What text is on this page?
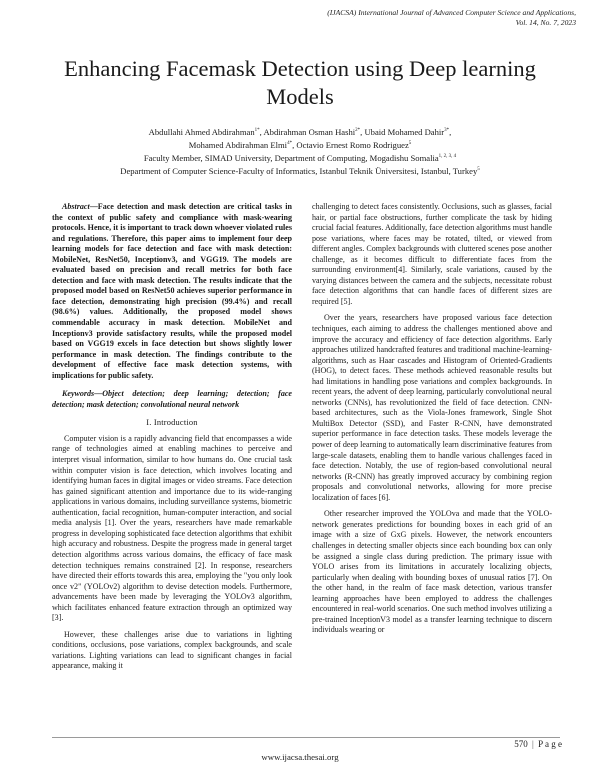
(IJACSA) International Journal of Advanced Computer Science and Applications,
Vol. 14, No. 7, 2023
Enhancing Facemask Detection using Deep learning
Models
Abdullahi Ahmed Abdirahman$^{1*}$, Abdirahman Osman Hashi$^{2*}$, Ubaid Mohamed Dahir$^{3*}$,
Mohamed Abdirahman Elmi$^{4*}$, Octavio Ernest Romo Rodriguez$^5$
Faculty Member, SIMAD University, Department of Computing, Mogadishu Somalia$^{1, 2, 3, 4}$
Department of Computer Science-Faculty of Informatics, Istanbul Teknik Üniversitesi, Istanbul, Turkey$^5$

Abstract—Face detection and mask detection are critical tasks in the context of public safety and compliance with mask-wearing protocols. Hence, it is important to track down whoever violated rules and regulations. Therefore, this paper aims to implement four deep learning models for face detection and face with mask detection: MobileNet, ResNet50, Inceptionv3, and VGG19. The models are evaluated based on precision and recall metrics for both face detection and face with mask detection. The results indicate that the proposed model based on ResNet50 achieves superior performance in face detection, demonstrating high precision (99.4%) and recall (98.6%) values. Additionally, the proposed model shows commendable accuracy in mask detection. MobileNet and Inceptionv3 provide satisfactory results, while the proposed model based on VGG19 excels in face detection but shows slightly lower performance in mask detection. The findings contribute to the development of effective face mask detection systems, with implications for public safety.

Keywords—Object detection; deep learning; detection; face detection; mask detection; convolutional neural network

I. Introduction

Computer vision is a rapidly advancing field that encompasses a wide range of technologies aimed at enabling machines to perceive and interpret visual information, similar to how humans do. One crucial task within computer vision is face detection, which involves locating and identifying human faces in digital images or video streams. Face detection has gained significant attention and importance due to its wide-ranging applications in various domains, including surveillance systems, biometric authentication, facial recognition, human-computer interaction, and social media analysis [1]. Over the years, researchers have made remarkable progress in developing sophisticated face detection algorithms that exhibit high accuracy and robustness. Despite the progress made in general target detection algorithms across various domains, the efficacy of face mask detection techniques remains constrained [2]. In response, researchers have directed their efforts towards this area, employing the "you only look once v2" (YOLOv2) algorithm to devise detection models. Furthermore, advancements have been made by leveraging the YOLOv3 algorithm, which facilitates enhanced feature extraction through an optimized way [3].

However, these challenges arise due to variations in lighting conditions, occlusions, pose variations, complex backgrounds, and scale variations. Lighting variations can lead to significant changes in facial appearance, making it

challenging to detect faces consistently. Occlusions, such as glasses, facial hair, or partial face obstructions, further complicate the task by hiding crucial facial features. Additionally, face detection algorithms must handle pose variations, where faces may be rotated, tilted, or viewed from different angles. Complex backgrounds with cluttered scenes pose another challenge, as it becomes difficult to differentiate faces from the surrounding environment[4]. Similarly, scale variations, caused by the varying distances between the camera and the subjects, necessitate robust face detection algorithms that can handle faces of different sizes are required [5].

Over the years, researchers have proposed various face detection techniques, each aiming to address the challenges mentioned above and improve the accuracy and efficiency of face detection algorithms. Early approaches utilized handcrafted features and traditional machine-learning-algorithms, such as Haar cascades and Histogram of Oriented-Gradients (HOG), to detect faces. These methods achieved reasonable results but had limitations in handling pose variations and complex backgrounds. In recent years, the advent of deep learning, particularly convolutional neural networks (CNNs), has revolutionized the field of face detection. CNN-based architectures, such as the Viola-Jones framework, Single Shot MultiBox Detector (SSD), and Faster R-CNN, have demonstrated superior performance in face detection tasks. These models leverage the power of deep learning to automatically learn discriminative features from large-scale datasets, enabling them to handle various challenges faced in face detection. Notably, the use of region-based convolutional neural networks (R-CNN) has greatly improved accuracy by combining region proposals and convolutional networks, allowing for more precise localization of faces [6].

Other researcher improved the YOLOva and made that the YOLO-network generates predictions for bounding boxes in each grid of an image with a size of GxG pixels. However, the network encounters challenges in detecting smaller objects since each bounding box can only be assigned a single class during prediction. The primary issue with YOLO arises from its limitations in accurately localizing objects, particularly when dealing with bounding boxes of unusual ratios [7]. On the other hand, in the realm of face mask detection, various transfer learning approaches have been employed to address the challenges encountered in real-world scenarios. One such method involves utilizing a pre-trained InceptionV3 model as a transfer learning technique to discern individuals wearing or

570 | P a g e
www.ijacsa.thesai.org
